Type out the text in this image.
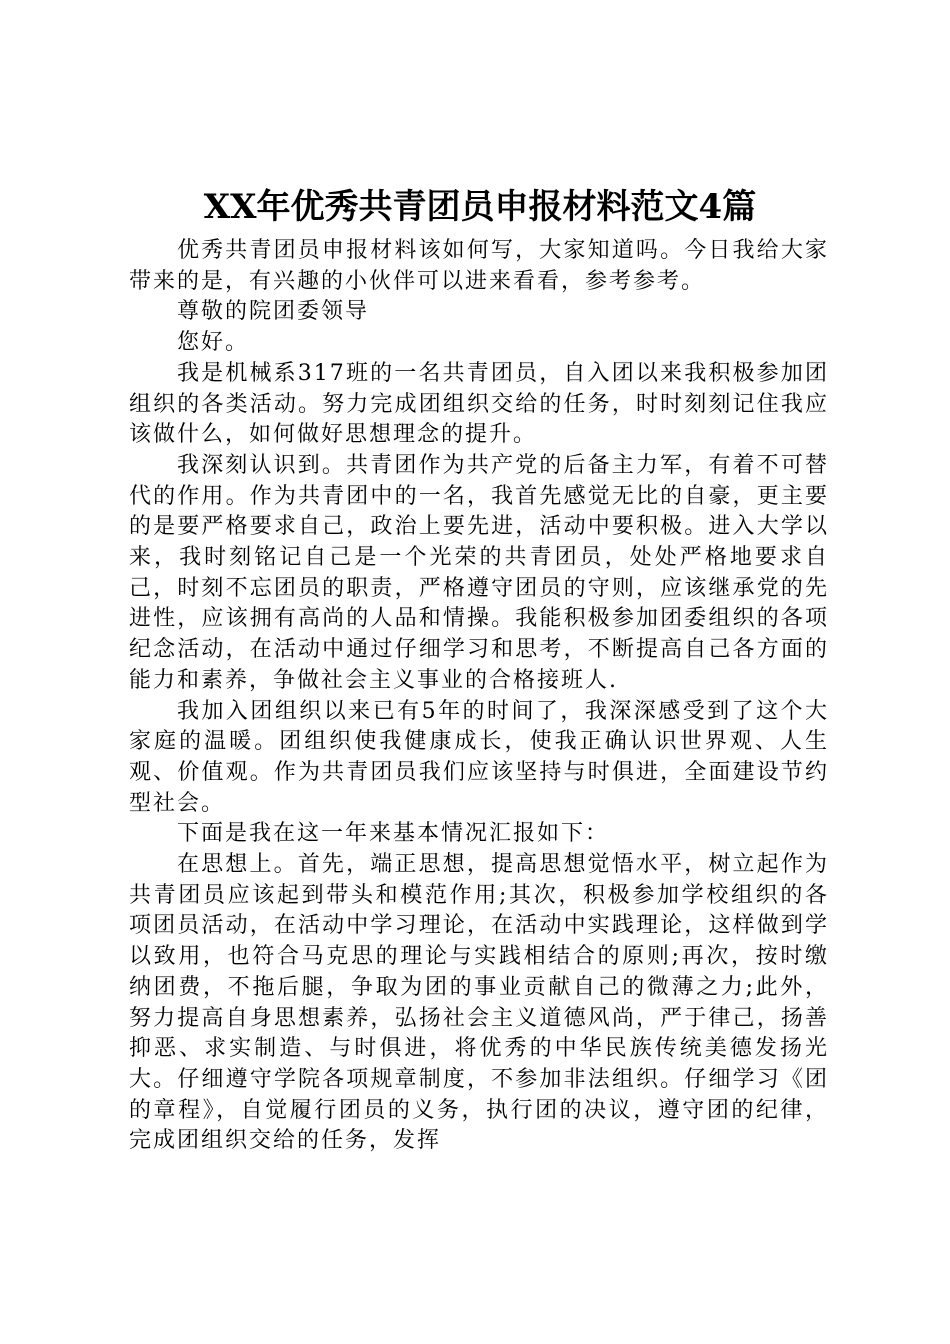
XX年优秀共青团员申报材料范文4篇

优秀共青团员申报材料该如何写，大家知道吗。今日我给大家带来的是，有兴趣的小伙伴可以进来看看，参考参考。

尊敬的院团委领导

您好。

我是机械系317班的一名共青团员，自入团以来我积极参加团组织的各类活动。努力完成团组织交给的任务，时时刻刻记住我应该做什么，如何做好思想理念的提升。

我深刻认识到。共青团作为共产党的后备主力军，有着不可替代的作用。作为共青团中的一名，我首先感觉无比的自豪，更主要的是要严格要求自己，政治上要先进，活动中要积极。进入大学以来，我时刻铭记自己是一个光荣的共青团员，处处严格地要求自己，时刻不忘团员的职责，严格遵守团员的守则，应该继承党的先进性，应该拥有高尚的人品和情操。我能积极参加团委组织的各项纪念活动，在活动中通过仔细学习和思考，不断提高自己各方面的能力和素养，争做社会主义事业的合格接班人.

我加入团组织以来已有5年的时间了，我深深感受到了这个大家庭的温暖。团组织使我健康成长，使我正确认识世界观、人生观、价值观。作为共青团员我们应该坚持与时俱进，全面建设节约型社会。

下面是我在这一年来基本情况汇报如下：

在思想上。首先，端正思想，提高思想觉悟水平，树立起作为共青团员应该起到带头和模范作用;其次，积极参加学校组织的各项团员活动，在活动中学习理论，在活动中实践理论，这样做到学以致用，也符合马克思的理论与实践相结合的原则;再次，按时缴纳团费，不拖后腿，争取为团的事业贡献自己的微薄之力;此外，努力提高自身思想素养，弘扬社会主义道德风尚，严于律己，扬善抑恶、求实制造、与时俱进，将优秀的中华民族传统美德发扬光大。仔细遵守学院各项规章制度，不参加非法组织。仔细学习《团的章程》，自觉履行团员的义务，执行团的决议，遵守团的纪律，完成团组织交给的任务，发挥
